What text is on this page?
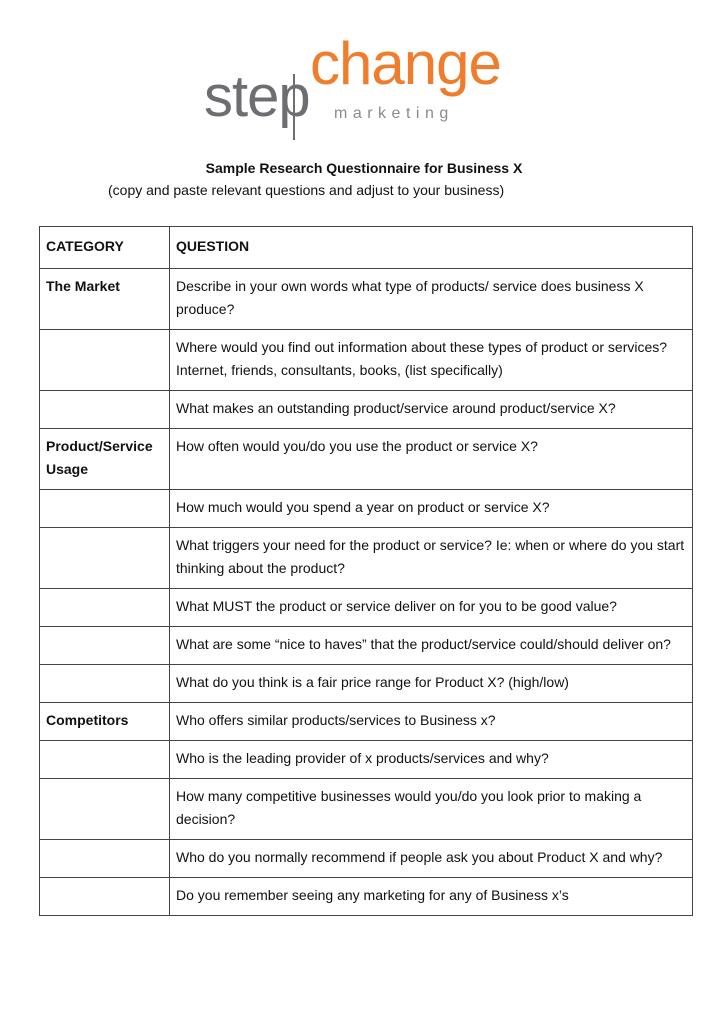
step change
marketing
Sample Research Questionnaire for Business X
(copy and paste relevant questions and adjust to your business)
CATEGORY	QUESTION
The Market	Describe in your own words what type of products/ service does business X produce?
	Where would you find out information about these types of product or services? Internet, friends, consultants, books, (list specifically)
	What makes an outstanding product/service around product/service X?
Product/Service Usage	How often would you/do you use the product or service X?
	How much would you spend a year on product or service X?
	What triggers your need for the product or service? Ie: when or where do you start thinking about the product?
	What MUST the product or service deliver on for you to be good value?
	What are some “nice to haves” that the product/service could/should deliver on?
	What do you think is a fair price range for Product X? (high/low)
Competitors	Who offers similar products/services to Business x?
	Who is the leading provider of x products/services and why?
	How many competitive businesses would you/do you look prior to making a decision?
	Who do you normally recommend if people ask you about Product X and why?
	Do you remember seeing any marketing for any of Business x’s
